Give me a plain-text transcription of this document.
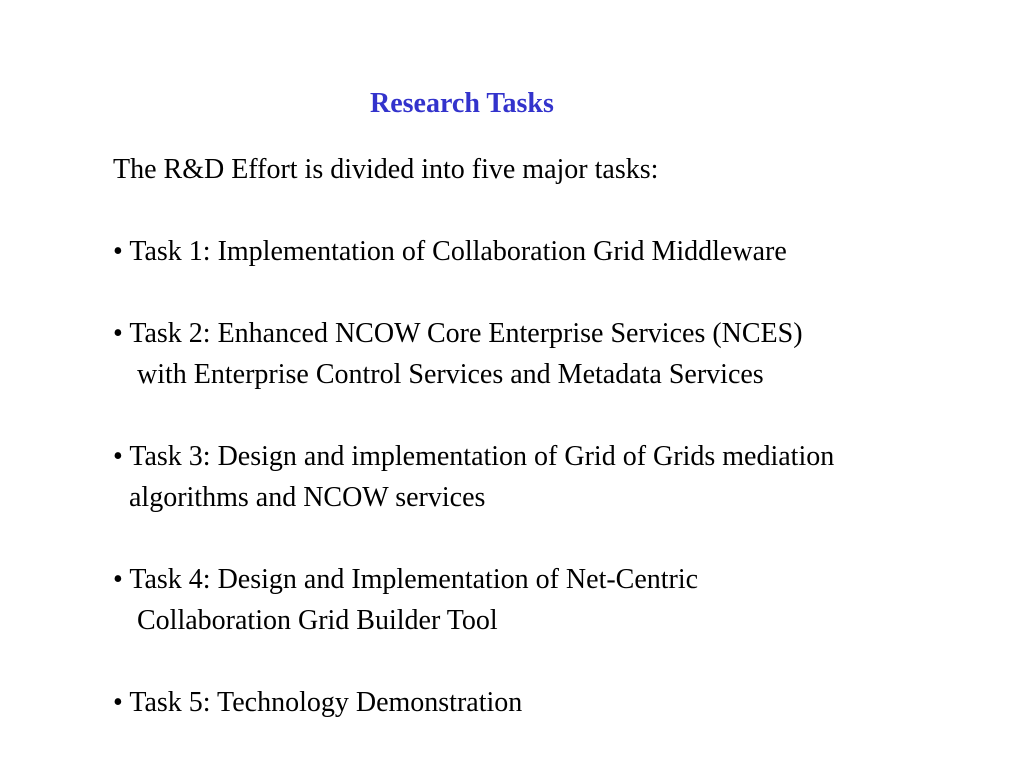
Research Tasks
The R&D Effort is divided into five major tasks:
• Task 1: Implementation of Collaboration Grid Middleware
• Task 2: Enhanced NCOW Core Enterprise Services (NCES)
with Enterprise Control Services and Metadata Services
• Task 3: Design and implementation of Grid of Grids mediation
algorithms and NCOW services
• Task 4: Design and Implementation of Net-Centric
Collaboration Grid Builder Tool
• Task 5: Technology Demonstration
